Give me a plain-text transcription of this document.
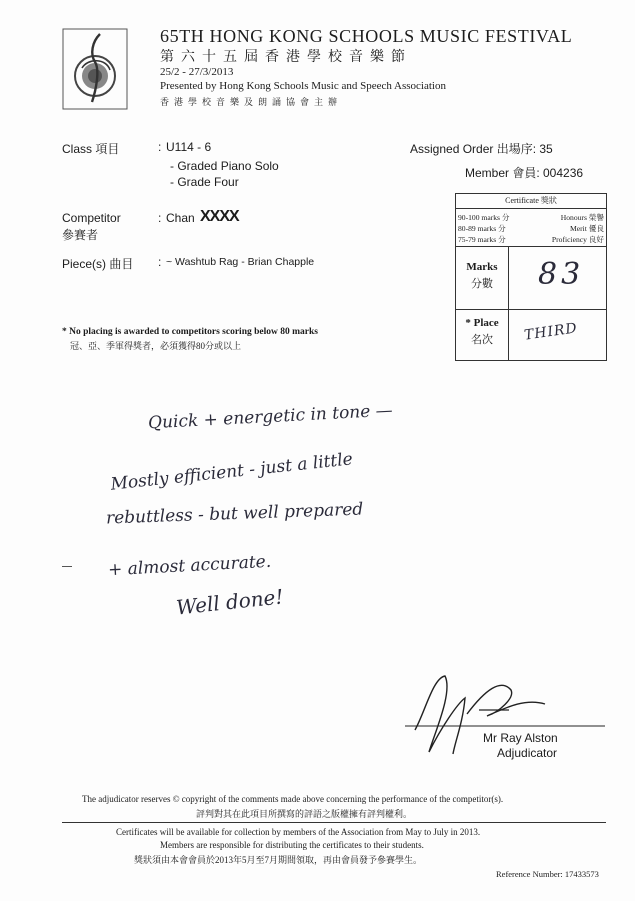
65TH HONG KONG SCHOOLS MUSIC FESTIVAL
第六十五屆香港學校音樂節
25/2 - 27/3/2013
Presented by Hong Kong Schools Music and Speech Association
香港學校音樂及朗誦協會主辦
Class 項目	: U114 - 6
- Graded Piano Solo
- Grade Four
Assigned Order 出場序: 35
Member 會員: 004236
Competitor
參賽者
: Chan XXXX
Piece(s) 曲目 : ~ Washtub Rag - Brian Chapple
* No placing is awarded to competitors scoring below 80 marks
冠、亞、季軍得獎者，必須獲得80分或以上
Certificate 獎狀
90-100 marks 分	Honours 榮譽
80-89 marks 分	Merit 優良
75-79 marks 分	Proficiency 良好
Marks
分數	83
* Place
名次	THIRD
Quick + energetic in tone —
Mostly efficient - just a little
rebuttless - but well prepared
+ almost accurate.
Well done!
Mr Ray Alston
Adjudicator
The adjudicator reserves © copyright of the comments made above concerning the performance of the competitor(s).
評判對其在此項目所撰寫的評語之版權擁有評判權利。
Certificates will be available for collection by members of the Association from May to July in 2013.
Members are responsible for distributing the certificates to their students.
獎狀須由本會會員於2013年5月至7月期間領取，再由會員發予參賽學生。
Reference Number: 17433573
